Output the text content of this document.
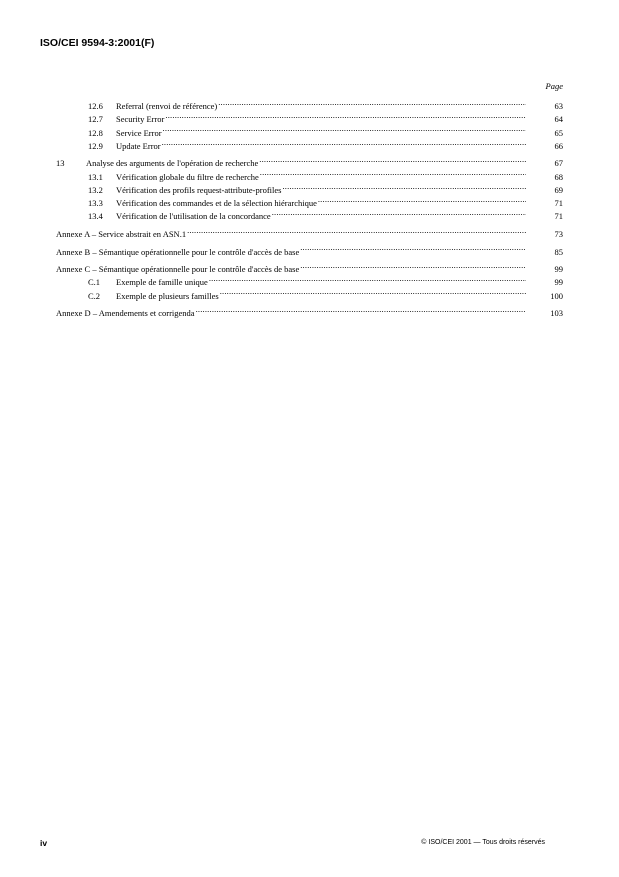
ISO/CEI 9594-3:2001(F)
Page
12.6	Referral (renvoi de référence) .....	63
12.7	Security Error .....	64
12.8	Service Error .....	65
12.9	Update Error .....	66
13	Analyse des arguments de l'opération de recherche .....	67
13.1	Vérification globale du filtre de recherche .....	68
13.2	Vérification des profils request-attribute-profiles .....	69
13.3	Vérification des commandes et de la sélection hiérarchique .....	71
13.4	Vérification de l'utilisation de la concordance .....	71
Annexe A – Service abstrait en ASN.1 .....	73
Annexe B – Sémantique opérationnelle pour le contrôle d'accès de base .....	85
Annexe C – Sémantique opérationnelle pour le contrôle d'accès de base .....	99
C.1	Exemple de famille unique .....	99
C.2	Exemple de plusieurs familles .....	100
Annexe D – Amendements et corrigenda .....	103
iv	© ISO/CEI 2001 — Tous droits réservés
